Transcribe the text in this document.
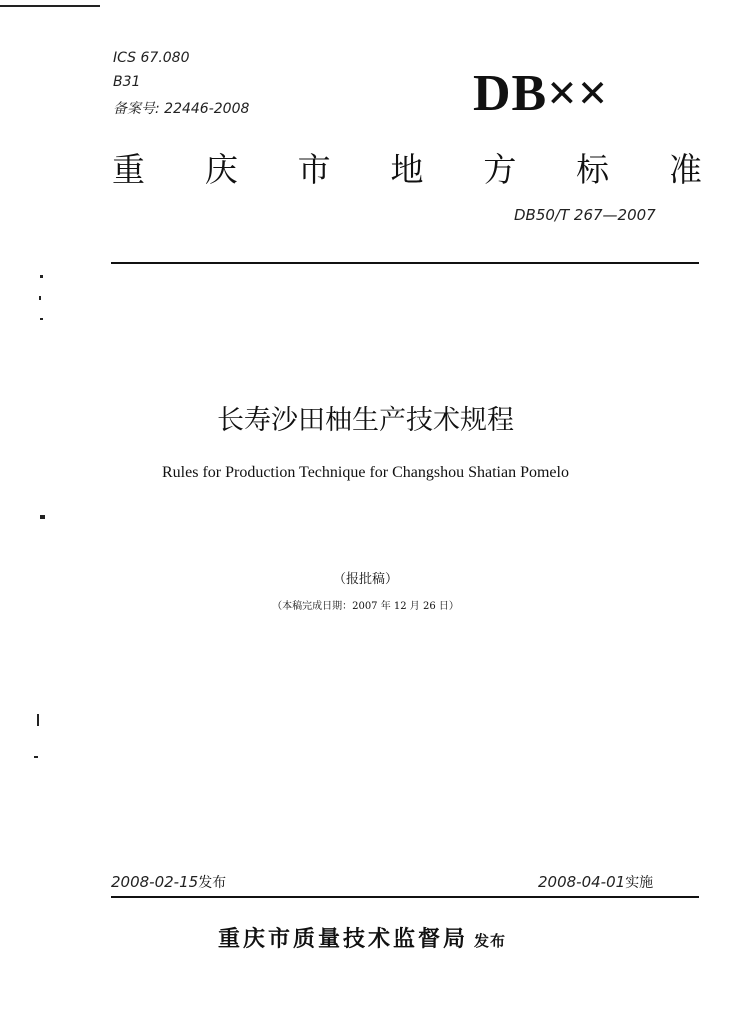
ICS 67.080
B31
备案号: 22446-2008	DB××
重 庆 市 地 方 标 准
DB50/T 267—2007
长寿沙田柚生产技术规程
Rules for Production Technique for Changshou Shatian Pomelo
（报批稿）
（本稿完成日期：2007 年 12 月 26 日）
2008-02-15发布	2008-04-01实施
重庆市质量技术监督局 发布
